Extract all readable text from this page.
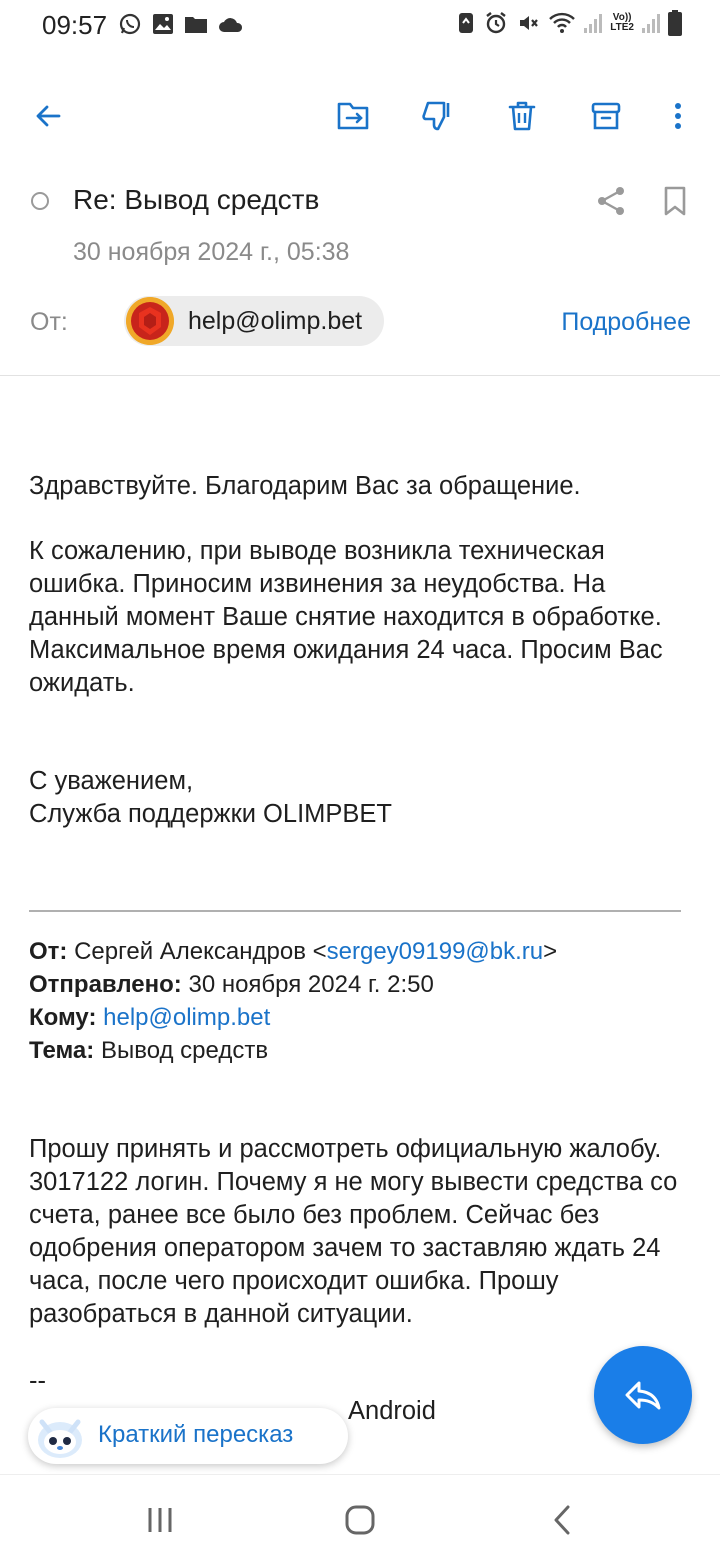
09:57	Vo))
LTE2
Re: Вывод средств
30 ноября 2024 г., 05:38
От:	help@olimp.bet	Подробнее
Здравствуйте. Благодарим Вас за обращение.
К сожалению, при выводе возникла техническая ошибка. Приносим извинения за неудобства. На данный момент Ваше снятие находится в обработке. Максимальное время ожидания 24 часа. Просим Вас ожидать.
С уважением,
Служба поддержки OLIMPBET
От: Сергей Александров <sergey09199@bk.ru>
Отправлено: 30 ноября 2024 г. 2:50
Кому: help@olimp.bet
Тема: Вывод средств
Прошу принять и рассмотреть официальную жалобу. 3017122 логин. Почему я не могу вывести средства со счета, ранее все было без проблем. Сейчас без одобрения оператором зачем то заставляю ждать 24 часа, после чего происходит ошибка. Прошу разобраться в данной ситуации.
--
Android
Краткий пересказ
